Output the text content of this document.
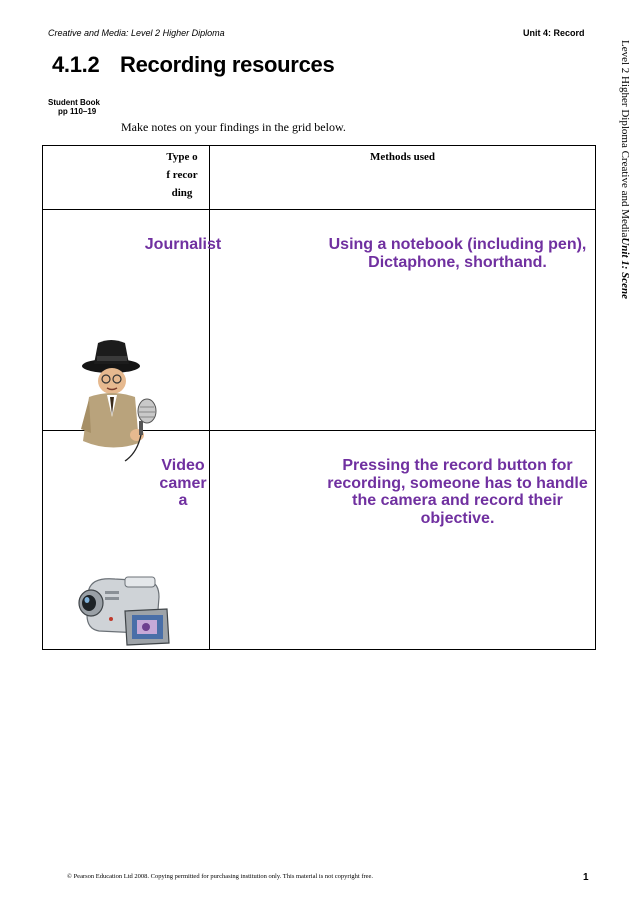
Creative and Media: Level 2 Higher Diploma	Unit 4: Record
Level 2 Higher Diploma Creative and MediaUnit 1: Scene
4.1.2 Recording resources
Student Book
pp 110–19
Make notes on your findings in the grid below.
Type of recording	Methods used

Journalist	Using a notebook (including pen), Dictaphone, shorthand.

Video camera	Pressing the record button for recording, someone has to handle the camera and record their objective.
© Pearson Education Ltd 2008. Copying permitted for purchasing institution only. This material is not copyright free.	1
